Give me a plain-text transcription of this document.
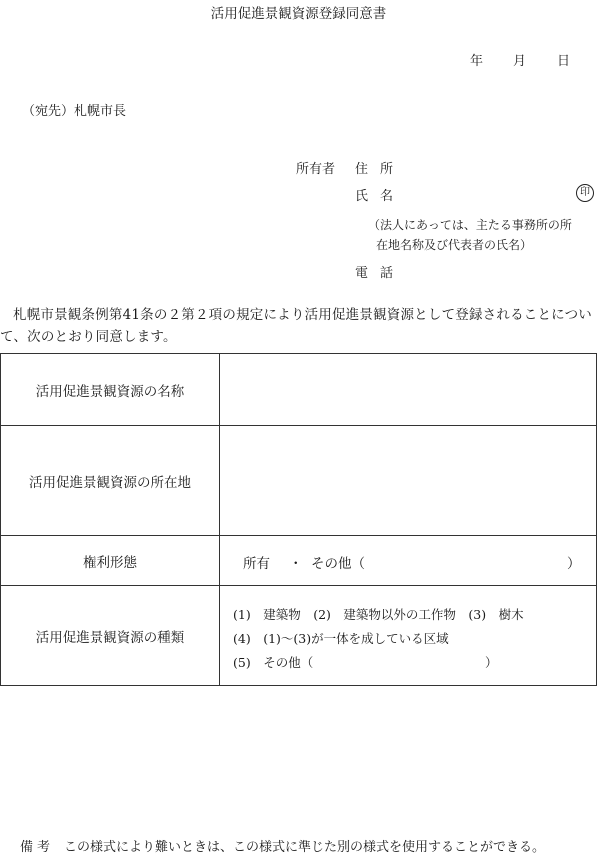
活用促進景観資源登録同意書
年 月 日
（宛先）札幌市長
所有者 住所
氏名	印
（法人にあっては、主たる事務所の所
在地名称及び代表者の氏名）
電話
札幌市景観条例第41条の２第２項の規定により活用促進景観資源として登録されることについて、次のとおり同意します。
活用促進景観資源の名称	
活用促進景観資源の所在地	
権利形態	所有 ・ その他（ ）

活用促進景観資源の種類	(1)　建築物　(2)　建築物以外の工作物　(3)　樹木
(4)　(1)～(3)が一体を成している区域
(5)　その他（ ）
備考 この様式により難いときは、この様式に準じた別の様式を使用することができる。
